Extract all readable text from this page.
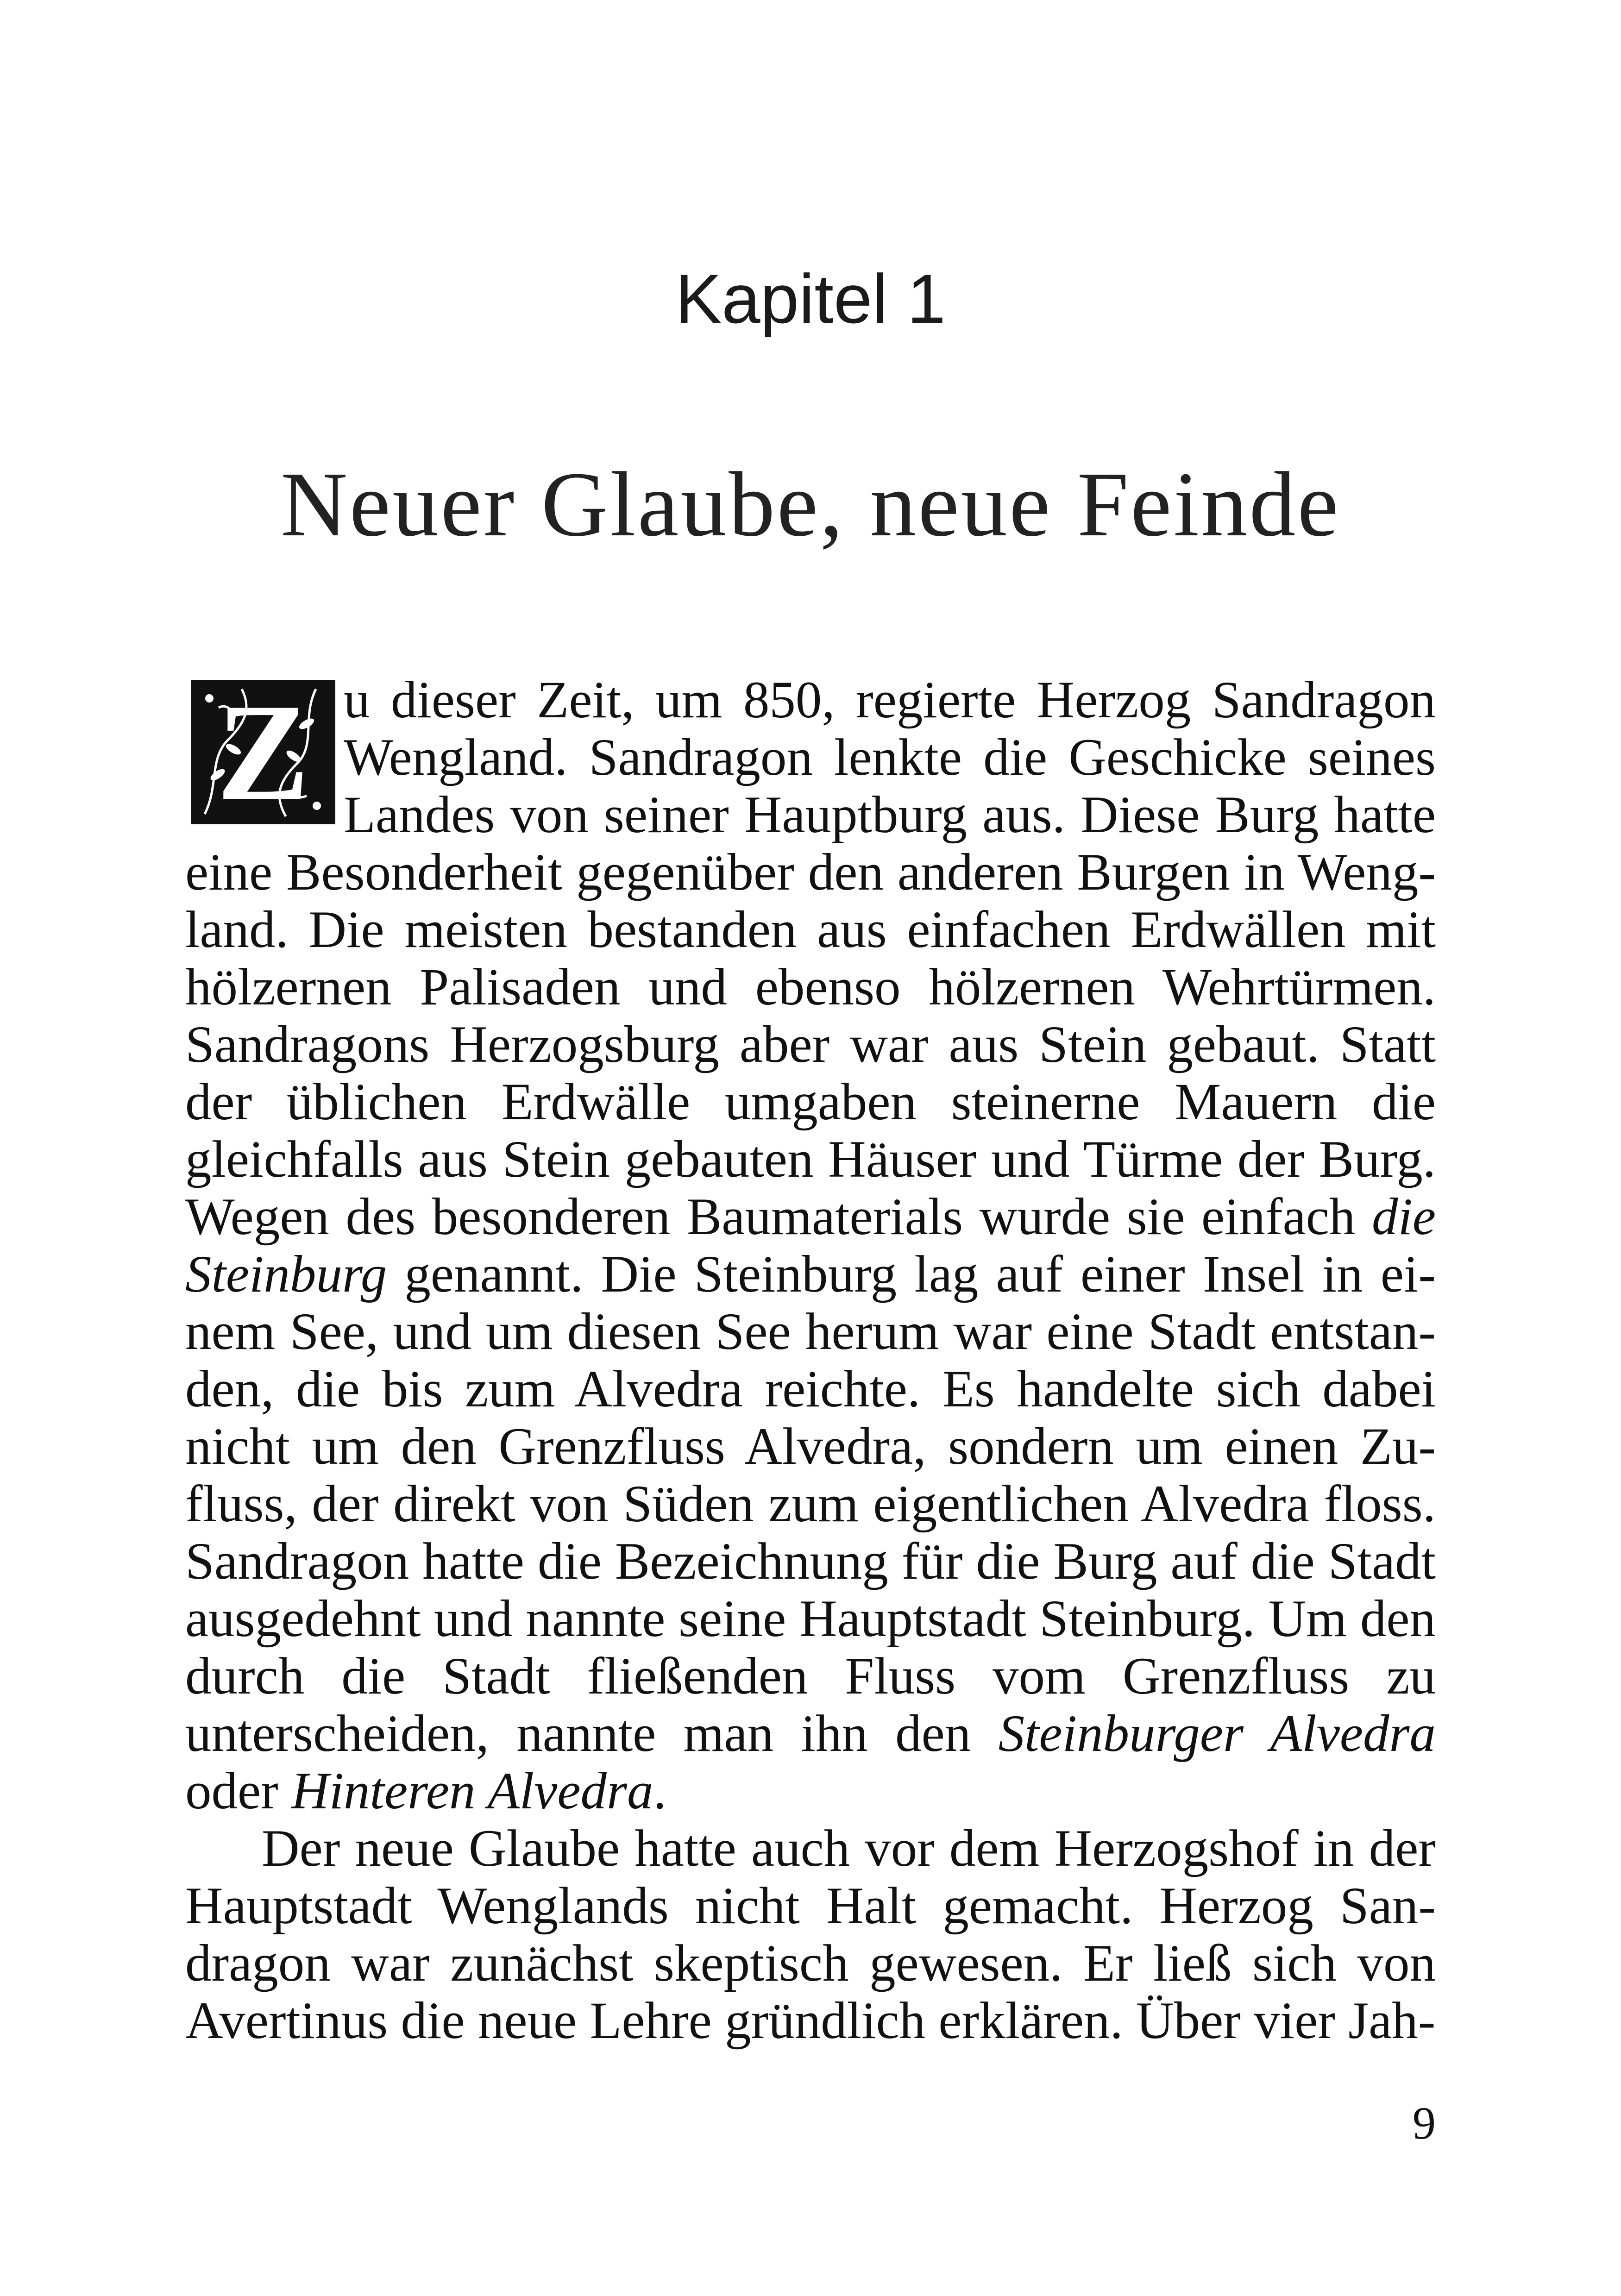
Kapitel 1
Neuer Glaube, neue Feinde

Z u dieser Zeit, um 850, regierte Herzog Sandragon Wengland. Sandragon lenkte die Geschicke seines Landes von seiner Hauptburg aus. Diese Burg hatte eine Besonderheit gegenüber den anderen Burgen in Weng-land. Die meisten bestanden aus einfachen Erdwällen mit hölzernen Palisaden und ebenso hölzernen Wehrtürmen. Sandragons Herzogsburg aber war aus Stein gebaut. Statt der üblichen Erdwälle umgaben steinerne Mauern die gleichfalls aus Stein gebauten Häuser und Türme der Burg. Wegen des besonderen Baumaterials wurde sie einfach die Steinburg genannt. Die Steinburg lag auf einer Insel in ei-nem See, und um diesen See herum war eine Stadt entstan-den, die bis zum Alvedra reichte. Es handelte sich dabei nicht um den Grenzfluss Alvedra, sondern um einen Zu-fluss, der direkt von Süden zum eigentlichen Alvedra floss. Sandragon hatte die Bezeichnung für die Burg auf die Stadt ausgedehnt und nannte seine Hauptstadt Steinburg. Um den durch die Stadt fließenden Fluss vom Grenzfluss zu unterscheiden, nannte man ihn den Steinburger Alvedra oder Hinteren Alvedra.

Der neue Glaube hatte auch vor dem Herzogshof in der Hauptstadt Wenglands nicht Halt gemacht. Herzog San-dragon war zunächst skeptisch gewesen. Er ließ sich von Avertinus die neue Lehre gründlich erklären. Über vier Jah-

9
